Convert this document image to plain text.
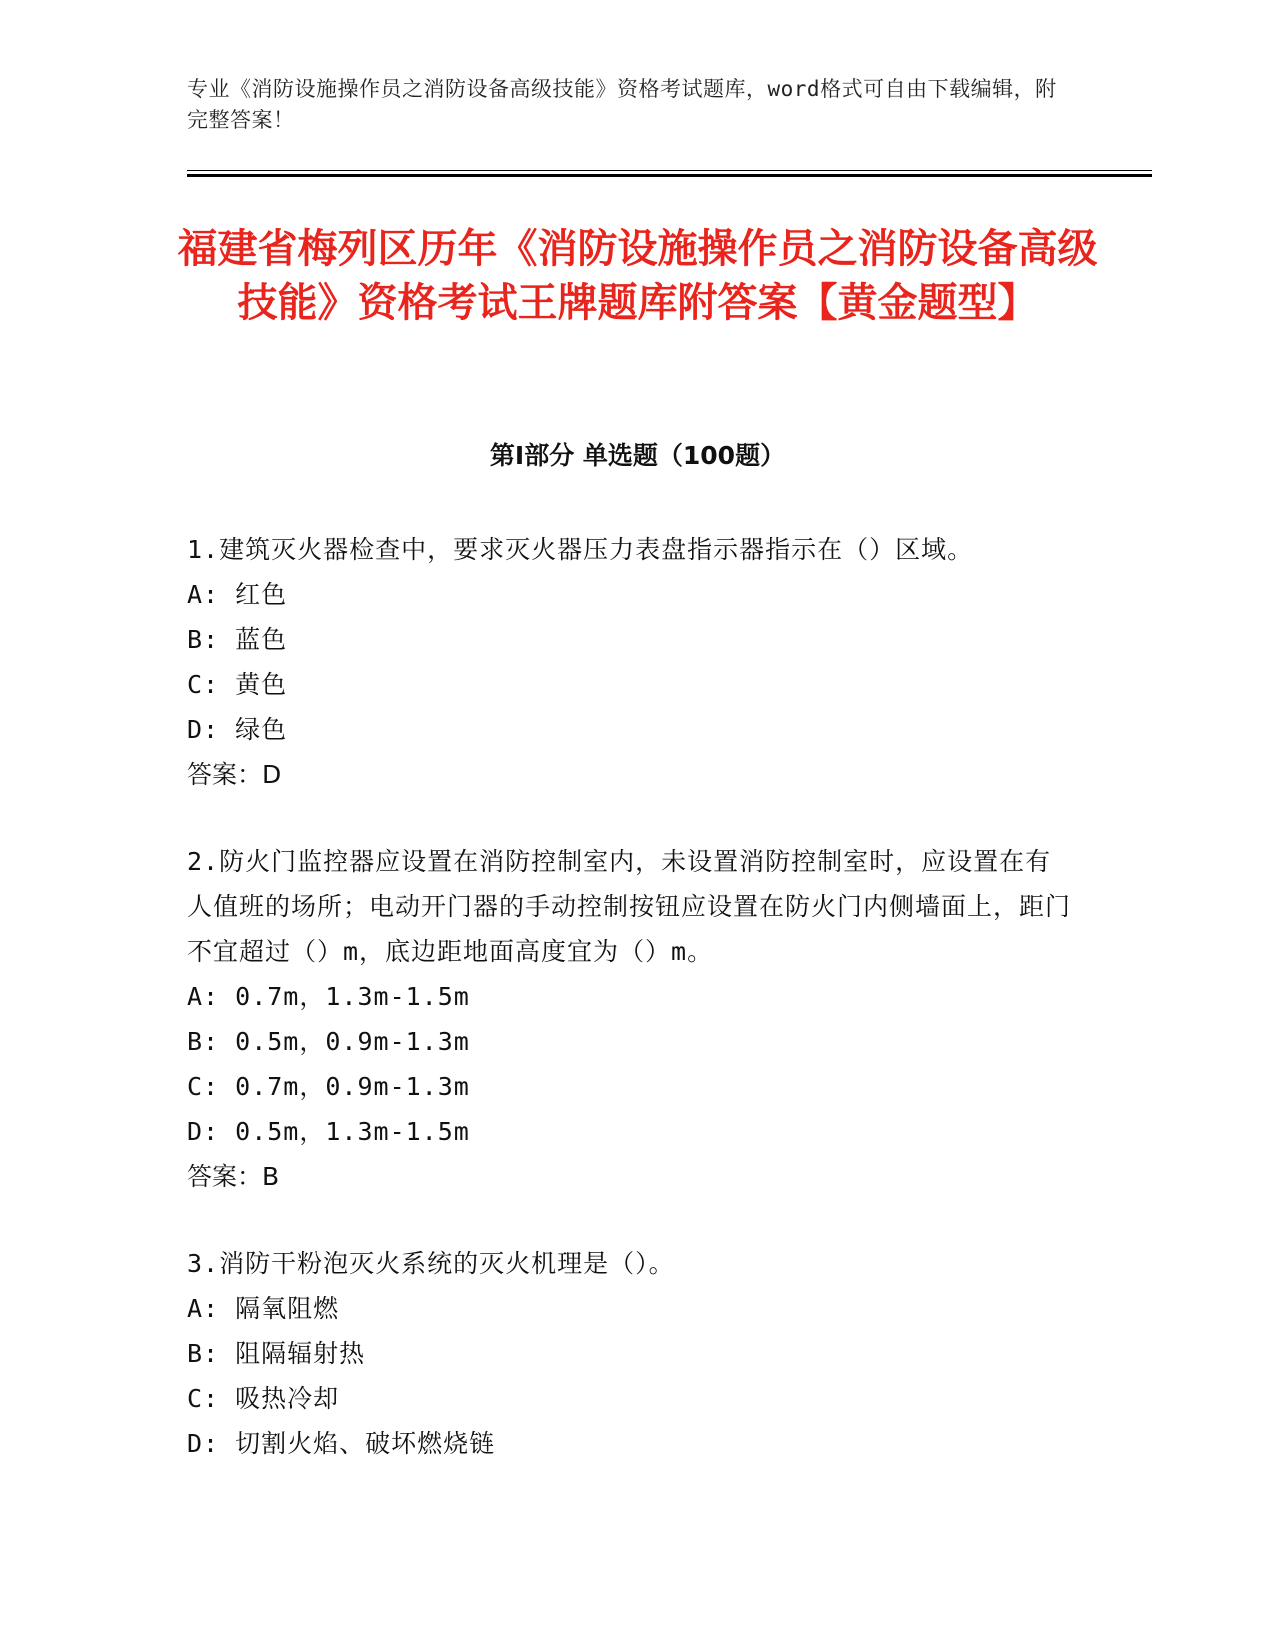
专业《消防设施操作员之消防设备高级技能》资格考试题库，word格式可自由下载编辑，附完整答案！
福建省梅列区历年《消防设施操作员之消防设备高级技能》资格考试王牌题库附答案【黄金题型】
第Ⅰ部分 单选题（100题）

1.建筑灭火器检查中，要求灭火器压力表盘指示器指示在（）区域。

A: 红色

B: 蓝色

C: 黄色

D: 绿色

答案：D

2.防火门监控器应设置在消防控制室内，未设置消防控制室时，应设置在有人值班的场所；电动开门器的手动控制按钮应设置在防火门内侧墙面上，距门不宜超过（）m，底边距地面高度宜为（）m。

A: 0.7m，1.3m-1.5m

B: 0.5m，0.9m-1.3m

C: 0.7m，0.9m-1.3m

D: 0.5m，1.3m-1.5m

答案：B

3.消防干粉泡灭火系统的灭火机理是（）。

A: 隔氧阻燃

B: 阻隔辐射热

C: 吸热冷却

D: 切割火焰、破坏燃烧链
